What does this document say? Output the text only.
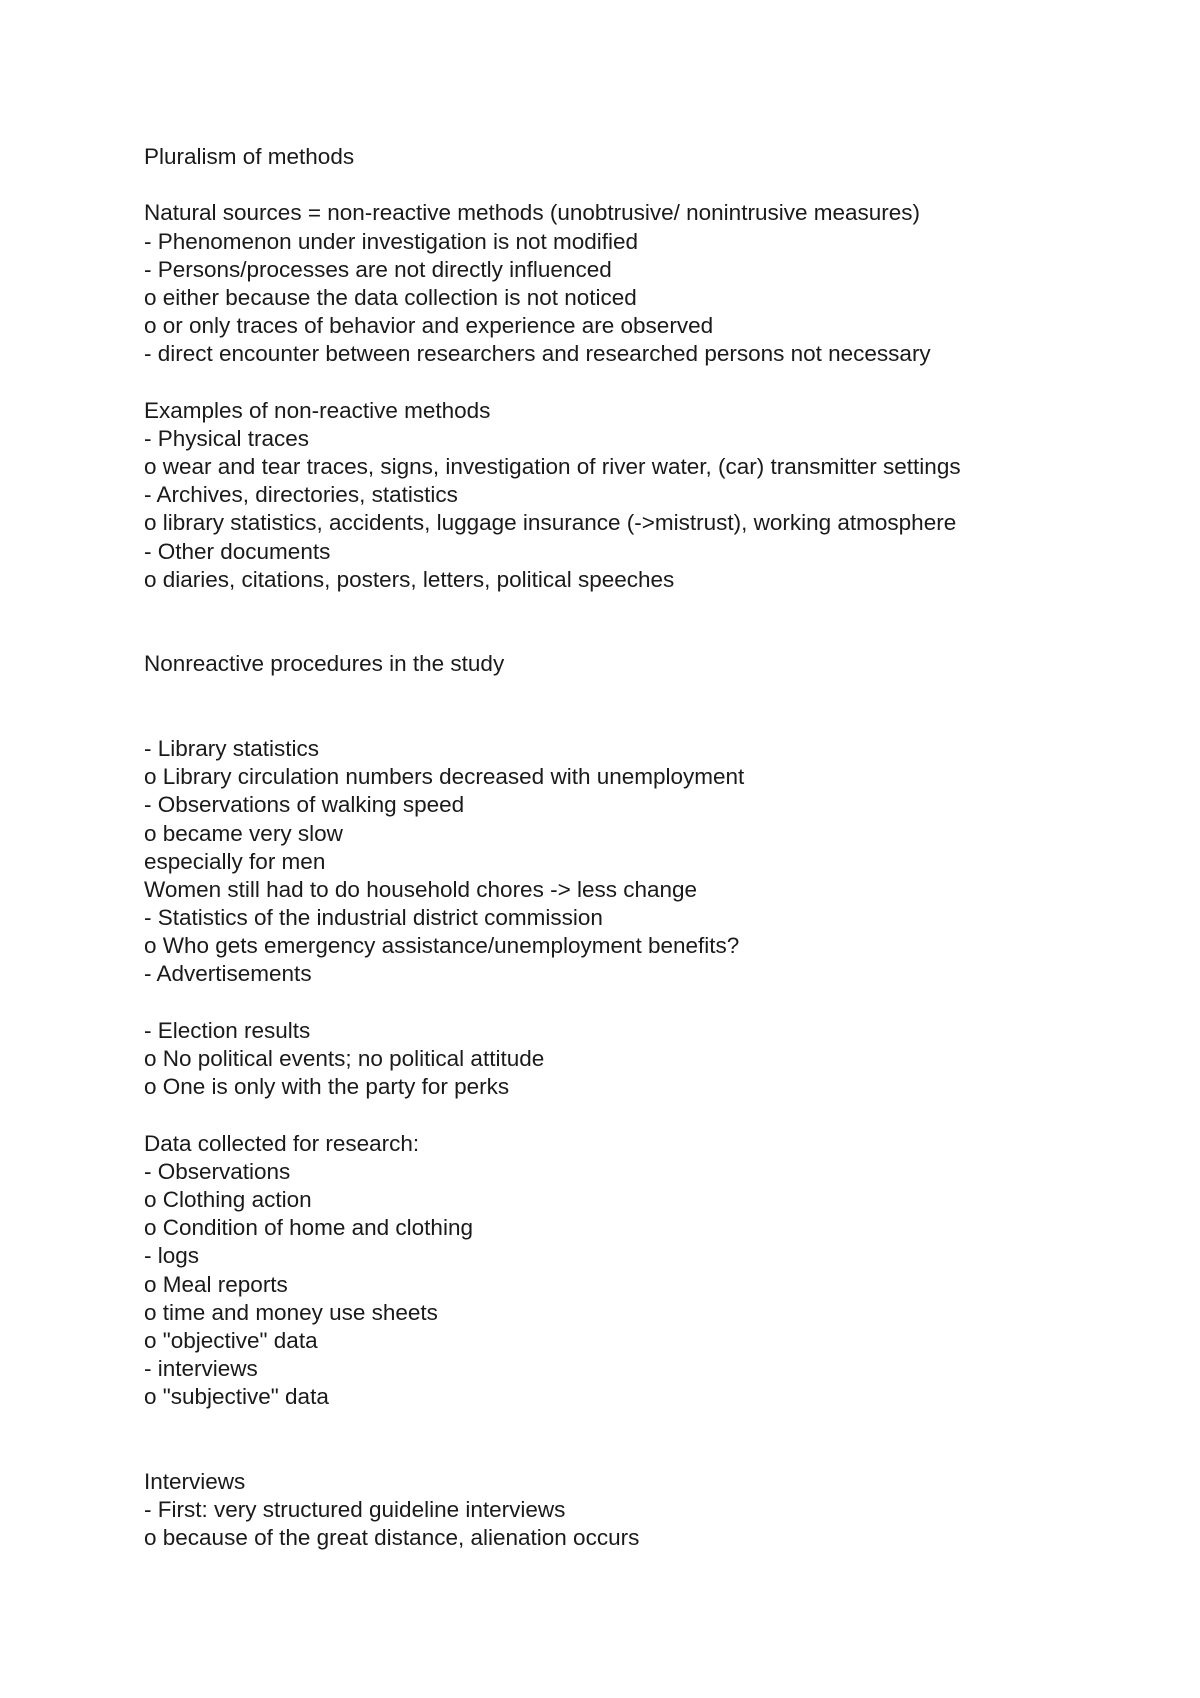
Pluralism of methods
Natural sources = non-reactive methods (unobtrusive/ nonintrusive measures)
- Phenomenon under investigation is not modified
- Persons/processes are not directly influenced
o either because the data collection is not noticed
o or only traces of behavior and experience are observed
- direct encounter between researchers and researched persons not necessary
Examples of non-reactive methods
- Physical traces
o wear and tear traces, signs, investigation of river water, (car) transmitter settings
- Archives, directories, statistics
o library statistics, accidents, luggage insurance (->mistrust), working atmosphere
- Other documents
o diaries, citations, posters, letters, political speeches
Nonreactive procedures in the study
- Library statistics
o Library circulation numbers decreased with unemployment
- Observations of walking speed
o became very slow
especially for men
Women still had to do household chores -> less change
- Statistics of the industrial district commission
o Who gets emergency assistance/unemployment benefits?
- Advertisements
- Election results
o No political events; no political attitude
o One is only with the party for perks
Data collected for research:
- Observations
o Clothing action
o Condition of home and clothing
- logs
o Meal reports
o time and money use sheets
o "objective" data
- interviews
o "subjective" data
Interviews
- First: very structured guideline interviews
o because of the great distance, alienation occurs
